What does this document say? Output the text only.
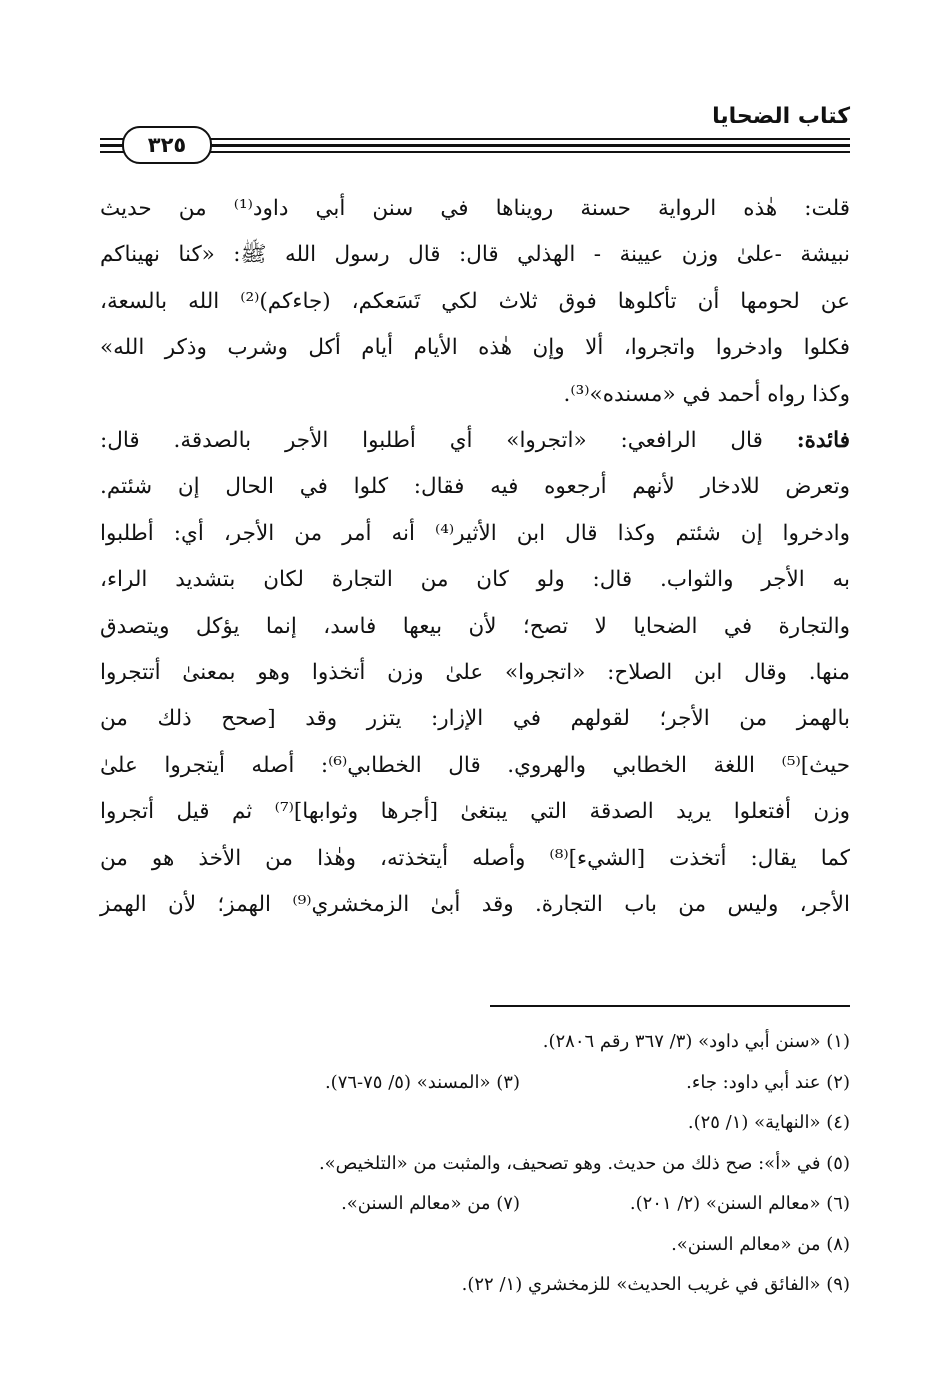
كتاب الضحايا
٣٢٥
قلت: هٰذه الرواية حسنة رويناها في سنن أبي داود⁽¹⁾ من حديث
نبيشة -علىٰ وزن عيينة - الهذلي قال: قال رسول الله ﷺ: «كنا نهيناكم
عن لحومها أن تأكلوها فوق ثلاث لكي تَسَعكم، (جاءكم)⁽²⁾ الله بالسعة،
فكلوا وادخروا واتجروا، ألا وإن هٰذه الأيام أيام أكل وشرب وذكر الله»
وكذا رواه أحمد في «مسنده»⁽³⁾.
فائدة: قال الرافعي: «اتجروا» أي أطلبوا الأجر بالصدقة. قال:
وتعرض للادخار لأنهم أرجعوه فيه فقال: كلوا في الحال إن شئتم.
وادخروا إن شئتم وكذا قال ابن الأثير⁽⁴⁾ أنه أمر من الأجر، أي: أطلبوا
به الأجر والثواب. قال: ولو كان من التجارة لكان بتشديد الراء،
والتجارة في الضحايا لا تصح؛ لأن بيعها فاسد، إنما يؤكل ويتصدق
منها. وقال ابن الصلاح: «اتجروا» علىٰ وزن أتخذوا وهو بمعنىٰ أتتجروا
بالهمز من الأجر؛ لقولهم في الإزار: يتزر وقد [صحح ذلك من
حيث]⁽⁵⁾ اللغة الخطابي والهروي. قال الخطابي⁽⁶⁾: أصله أيتجروا علىٰ
وزن أفتعلوا يريد الصدقة التي يبتغىٰ [أجرها وثوابها]⁽⁷⁾ ثم قيل أتجروا
كما يقال: أتخذت [الشيء]⁽⁸⁾ وأصله أيتخذته، وهٰذا من الأخذ هو من
الأجر، وليس من باب التجارة. وقد أبىٰ الزمخشري⁽⁹⁾ الهمز؛ لأن الهمز
(١) «سنن أبي داود» (٣/ ٣٦٧ رقم ٢٨٠٦).
(٢) عند أبي داود: جاء.
(٣) «المسند» (٥/ ٧٥-٧٦).
(٤) «النهاية» (١/ ٢٥).
(٥) في «أ»: صح ذلك من حديث. وهو تصحيف، والمثبت من «التلخيص».
(٦) «معالم السنن» (٢/ ٢٠١).
(٧) من «معالم السنن».
(٨) من «معالم السنن».
(٩) «الفائق في غريب الحديث» للزمخشري (١/ ٢٢).
